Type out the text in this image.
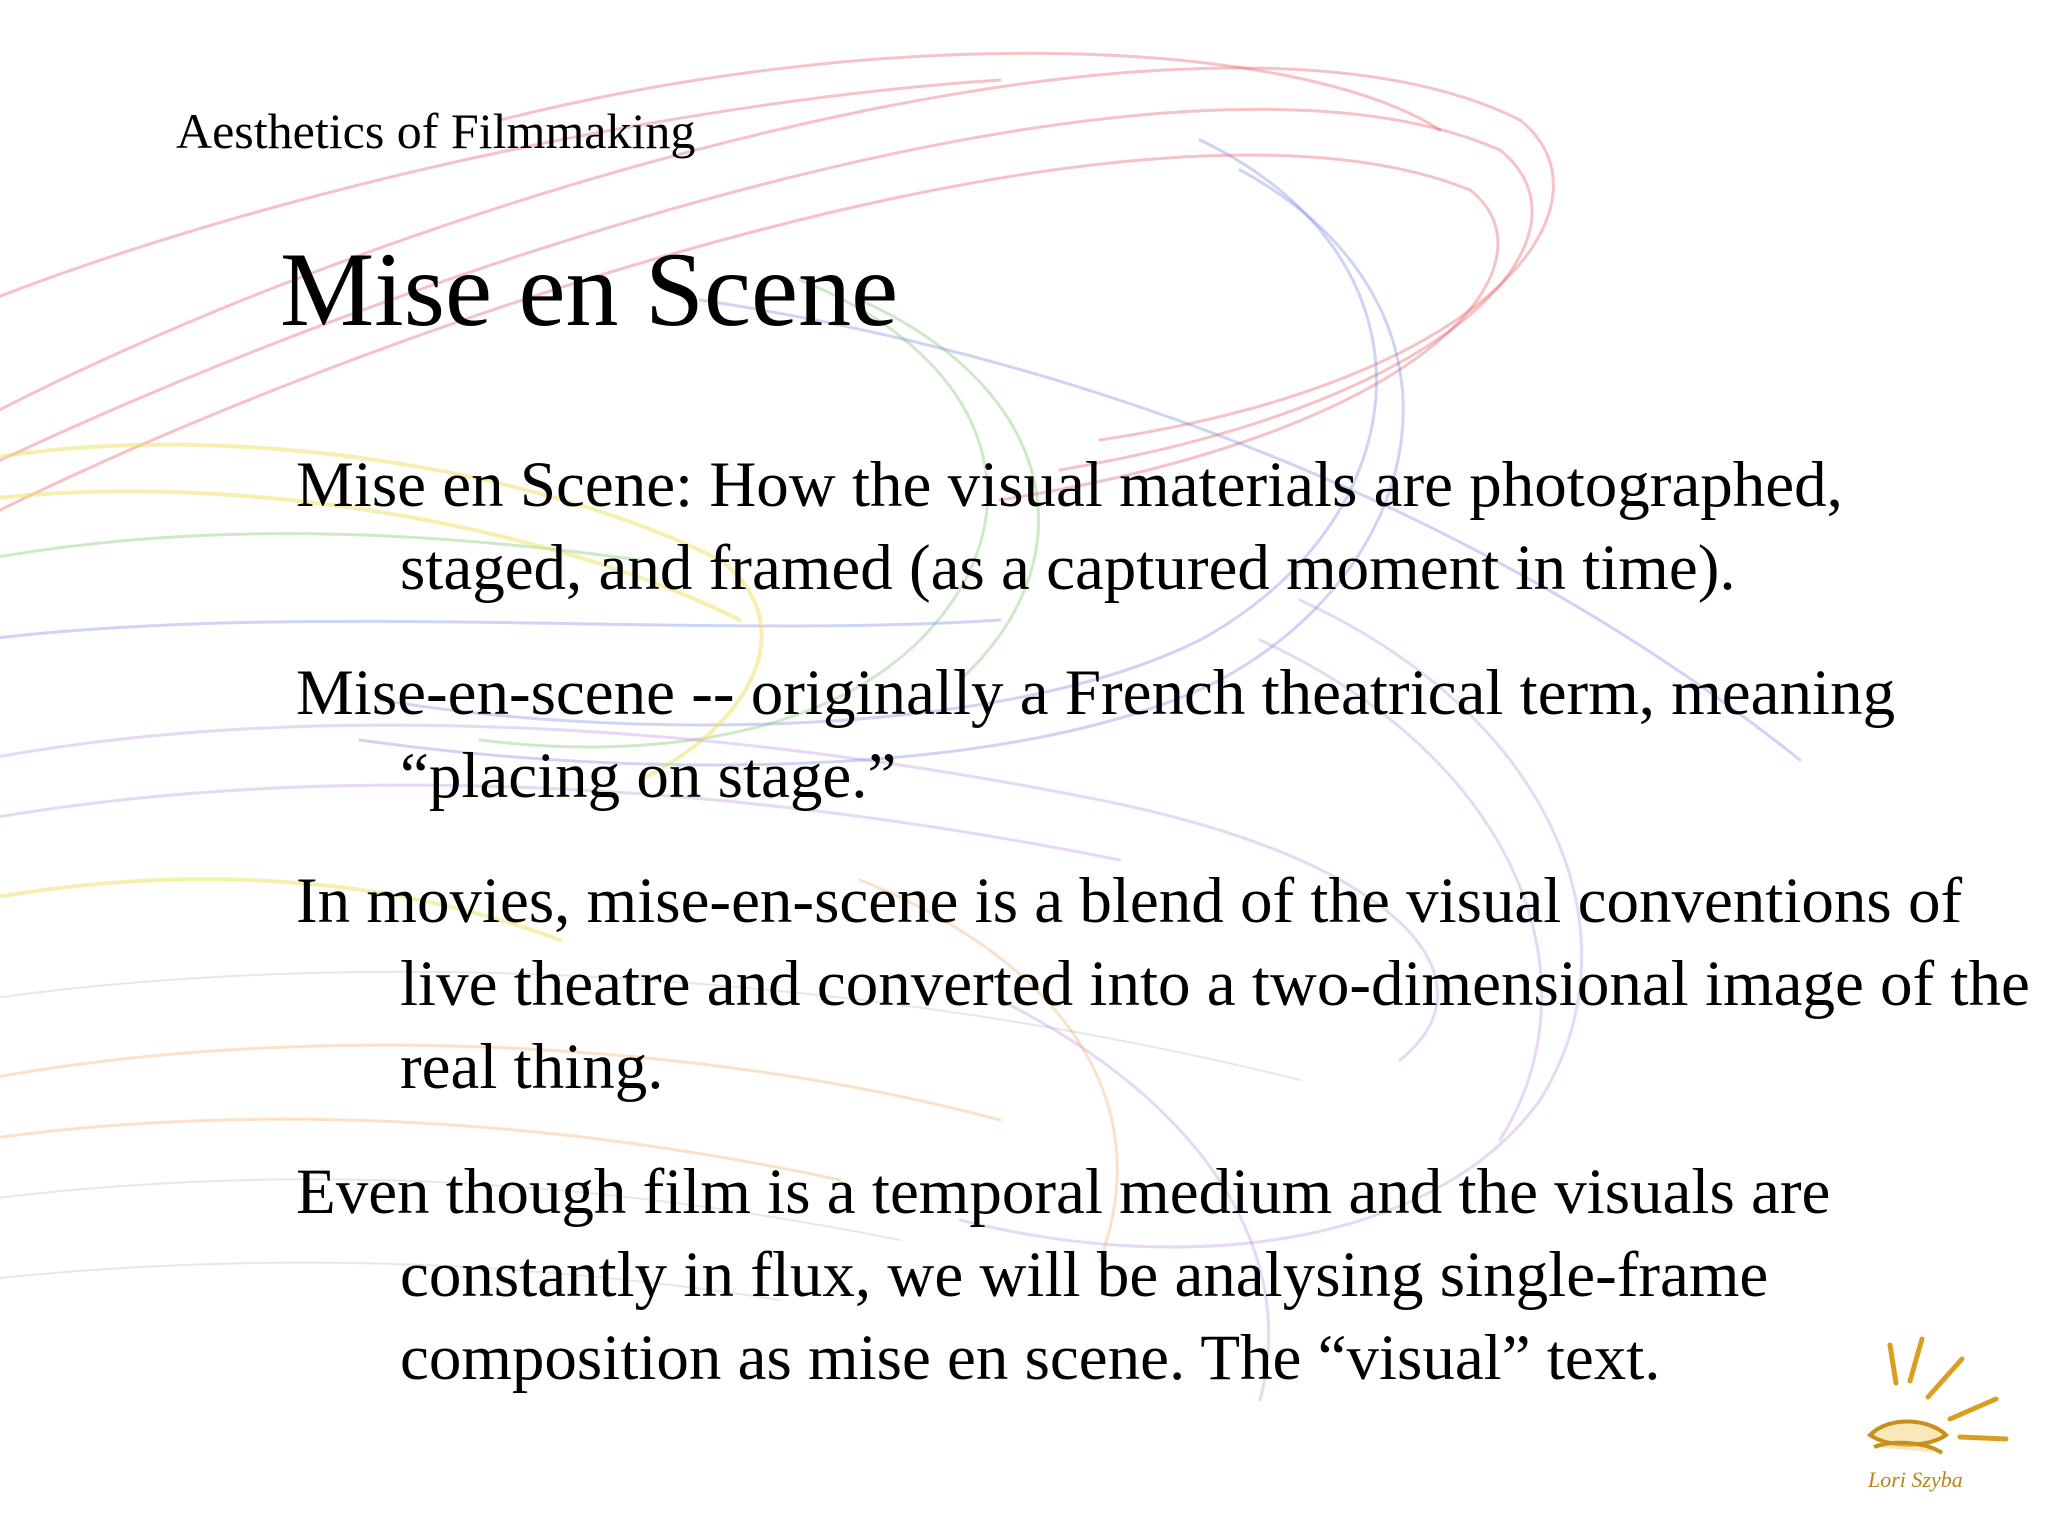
Aesthetics of Filmmaking
Mise en Scene
Mise en Scene: How the visual materials are photographed, staged, and framed (as a captured moment in time).
Mise-en-scene -- originally a French theatrical term, meaning “placing on stage.”
In movies, mise-en-scene is a blend of the visual conventions of live theatre and converted into a two-dimensional image of the real thing.
Even though film is a temporal medium and the visuals are constantly in flux, we will be analysing single-frame composition as mise en scene. The “visual” text.
Lori Szyba
